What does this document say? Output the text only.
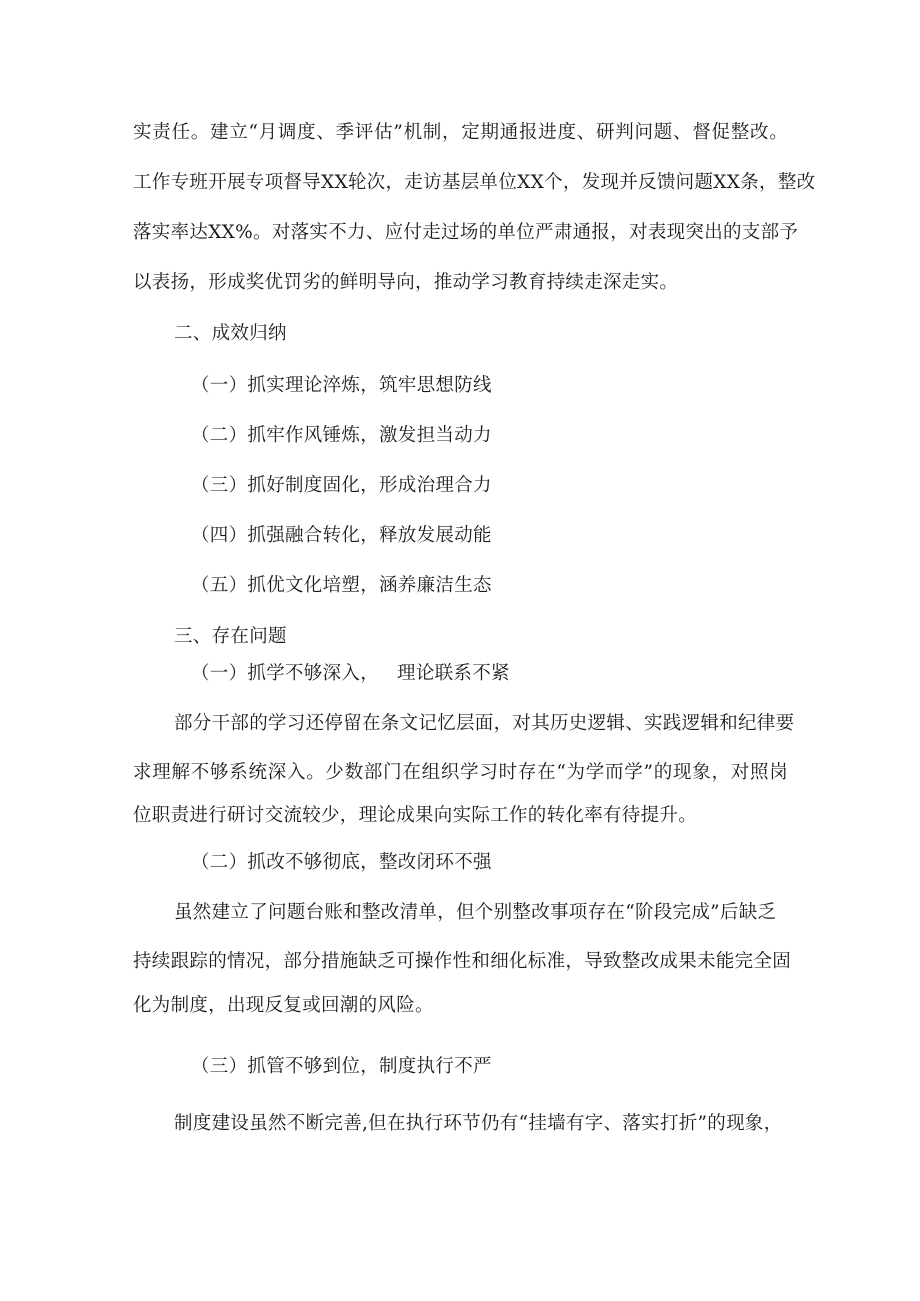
实责任。建立“月调度、季评估”机制，定期通报进度、研判问题、督促整改。
工作专班开展专项督导XX轮次，走访基层单位XX个，发现并反馈问题XX条，整改
落实率达XX%。对落实不力、应付走过场的单位严肃通报，对表现突出的支部予
以表扬，形成奖优罚劣的鲜明导向，推动学习教育持续走深走实。
二、成效归纳
（一）抓实理论淬炼，筑牢思想防线
（二）抓牢作风锤炼，激发担当动力
（三）抓好制度固化，形成治理合力
（四）抓强融合转化，释放发展动能
（五）抓优文化培塑，涵养廉洁生态
三、存在问题
（一）抓学不够深入， 理论联系不紧
部分干部的学习还停留在条文记忆层面，对其历史逻辑、实践逻辑和纪律要
求理解不够系统深入。少数部门在组织学习时存在“为学而学”的现象，对照岗
位职责进行研讨交流较少，理论成果向实际工作的转化率有待提升。
（二）抓改不够彻底，整改闭环不强
虽然建立了问题台账和整改清单，但个别整改事项存在“阶段完成”后缺乏
持续跟踪的情况，部分措施缺乏可操作性和细化标准，导致整改成果未能完全固
化为制度，出现反复或回潮的风险。
（三）抓管不够到位，制度执行不严
制度建设虽然不断完善,但在执行环节仍有“挂墙有字、落实打折”的现象，
